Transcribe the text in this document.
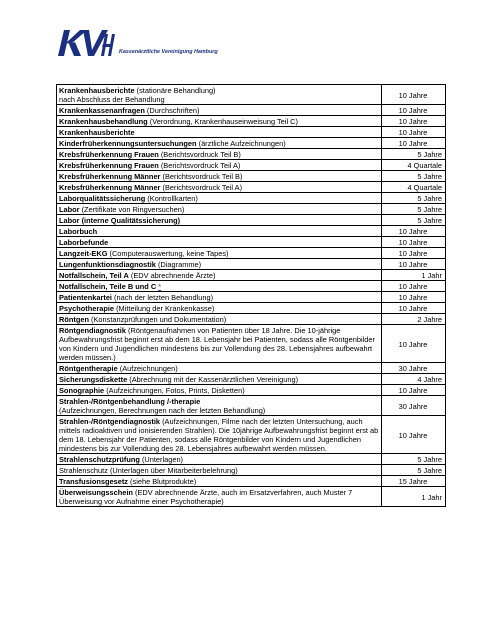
Kassenärztliche Vereinigung Hamburg
Krankenhausberichte (stationäre Behandlung)
nach Abschluss der Behandlung	10 Jahre
Krankenkassenanfragen (Durchschriften)	10 Jahre
Krankenhausbehandlung (Verordnung, Krankenhauseinweisung Teil C)	10 Jahre
Krankenhausberichte	10 Jahre
Kinderfrüherkennungsuntersuchungen (ärztliche Aufzeichnungen)	10 Jahre
Krebsfrüherkennung Frauen (Berichtsvordruck Teil B)	5 Jahre
Krebsfrüherkennung Frauen (Berichtsvordruck Teil A)	4 Quartale
Krebsfrüherkennung Männer (Berichtsvordruck Teil B)	5 Jahre
Krebsfrüherkennung Männer (Berichtsvordruck Teil A)	4 Quartale
Laborqualitätssicherung (Kontrollkarten)	5 Jahre
Labor (Zertifikate von Ringversuchen)	5 Jahre
Labor (interne Qualitätssicherung)	5 Jahre
Laborbuch	10 Jahre
Laborbefunde	10 Jahre
Langzeit-EKG (Computerauswertung, keine Tapes)	10 Jahre
Lungenfunktionsdiagnostik (Diagramme)	10 Jahre
Notfallschein, Teil A (EDV abrechnende Ärzte)	1 Jahr
Notfallschein, Teile B und C *	10 Jahre
Patientenkartei (nach der letzten Behandlung)	10 Jahre
Psychotherapie (Mitteilung der Krankenkasse)	10 Jahre
Röntgen (Konstanzprüfungen und Dokumentation)	2 Jahre
Röntgendiagnostik (Röntgenaufnahmen von Patienten über 18 Jahre. Die 10-jährige Aufbewahrungsfrist beginnt erst ab dem 18. Lebensjahr bei Patienten, sodass alle Röntgenbilder von Kindern und Jugendlichen mindestens bis zur Vollendung des 28. Lebensjahres aufbewahrt werden müssen.)	10 Jahre
Röntgentherapie (Aufzeichnungen)	30 Jahre
Sicherungsdiskette (Abrechnung mit der Kassenärztlichen Vereinigung)	4 Jahre
Sonographie (Aufzeichnungen, Fotos, Prints, Disketten)	10 Jahre
Strahlen-/Röntgenbehandlung /-therapie
(Aufzeichnungen, Berechnungen nach der letzten Behandlung)	30 Jahre
Strahlen-/Röntgendiagnostik (Aufzeichnungen, Filme nach der letzten Untersuchung, auch mittels radioaktiven und ionisierenden Strahlen). Die 10jährige Aufbewahrungsfrist beginnt erst ab dem 18. Lebensjahr der Patienten, sodass alle Röntgenbilder von Kindern und Jugendlichen mindestens bis zur Vollendung des 28. Lebensjahres aufbewahrt werden müssen.	10 Jahre
Strahlenschutzprüfung (Unterlagen)	5 Jahre
Strahlenschutz (Unterlagen über Mitarbeiterbelehrung)	5 Jahre
Transfusionsgesetz (siehe Blutprodukte)	15 Jahre
Überweisungsschein (EDV abrechnende Ärzte, auch im Ersatzverfahren, auch Muster 7 Überweisung vor Aufnahme einer Psychotherapie)	1 Jahr
